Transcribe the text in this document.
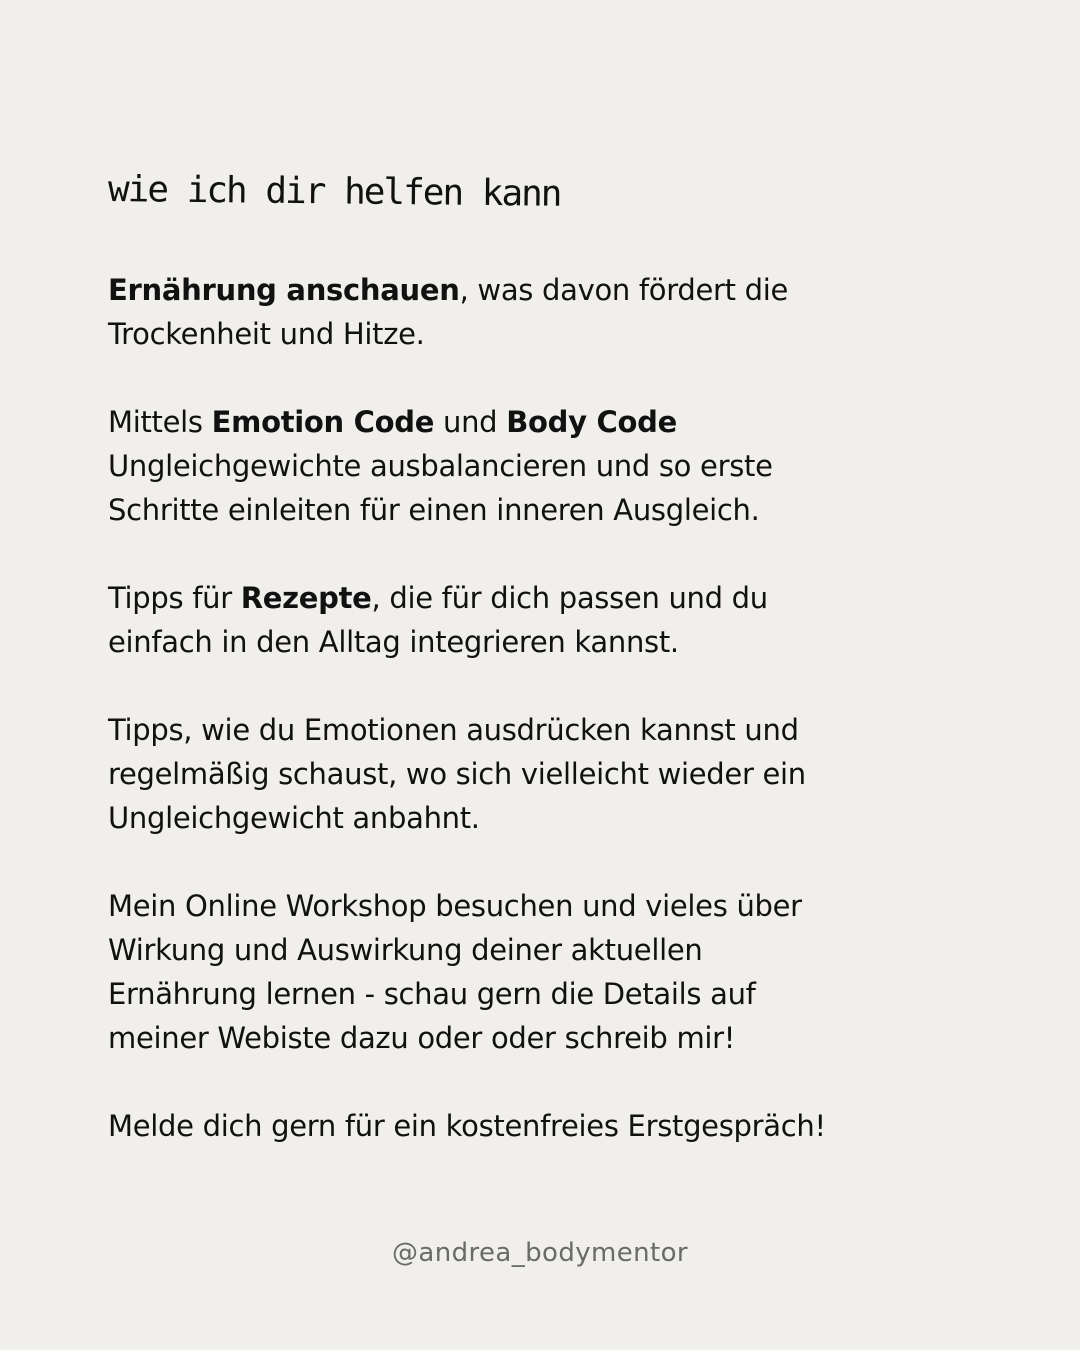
wie ich dir helfen kann

Ernährung anschauen, was davon fördert die
Trockenheit und Hitze.

Mittels Emotion Code und Body Code
Ungleichgewichte ausbalancieren und so erste
Schritte einleiten für einen inneren Ausgleich.

Tipps für Rezepte, die für dich passen und du
einfach in den Alltag integrieren kannst.

Tipps, wie du Emotionen ausdrücken kannst und
regelmäßig schaust, wo sich vielleicht wieder ein
Ungleichgewicht anbahnt.

Mein Online Workshop besuchen und vieles über
Wirkung und Auswirkung deiner aktuellen
Ernährung lernen - schau gern die Details auf
meiner Webiste dazu oder oder schreib mir!

Melde dich gern für ein kostenfreies Erstgespräch!

@andrea_bodymentor
